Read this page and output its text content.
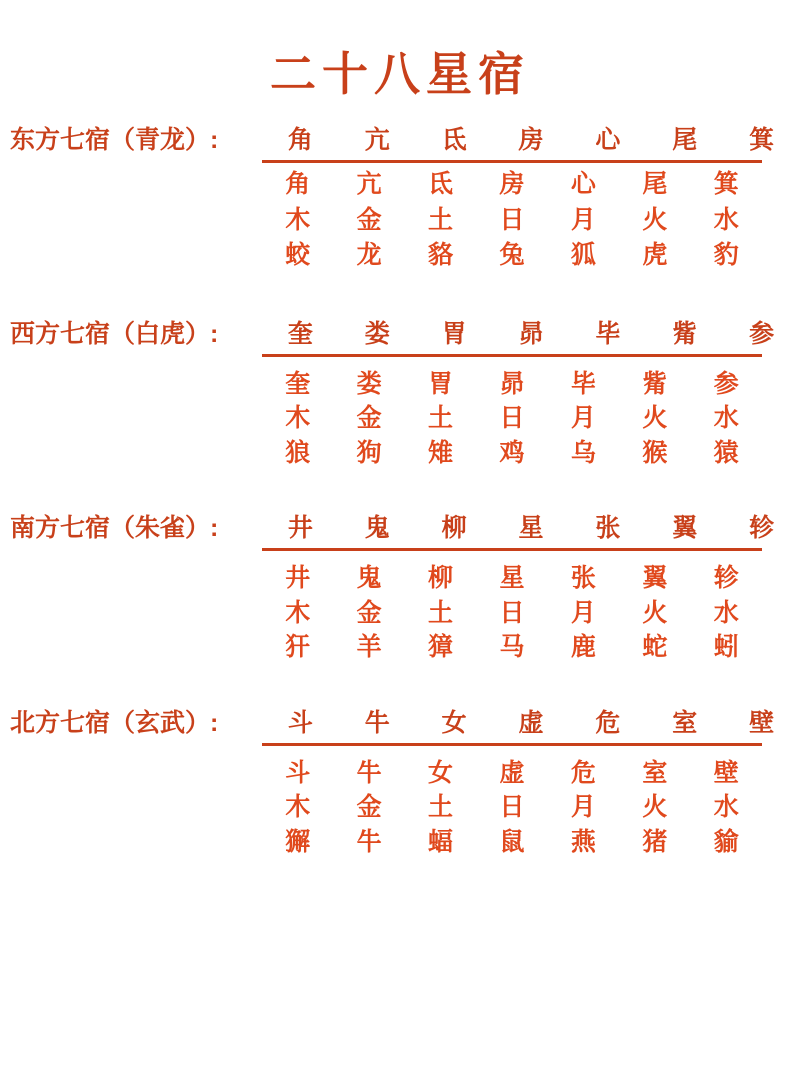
二十八星宿
东方七宿（青龙）:	角	亢	氐	房	心	尾	箕
角	亢	氐	房	心	尾	箕
木	金	土	日	月	火	水
蛟	龙	貉	兔	狐	虎	豹
西方七宿（白虎）:	奎	娄	胃	昴	毕	觜	参
奎	娄	胃	昴	毕	觜	参
木	金	土	日	月	火	水
狼	狗	雉	鸡	乌	猴	猿
南方七宿（朱雀）:	井	鬼	柳	星	张	翼	轸
井	鬼	柳	星	张	翼	轸
木	金	土	日	月	火	水
犴	羊	獐	马	鹿	蛇	蚓
北方七宿（玄武）:	斗	牛	女	虚	危	室	壁
斗	牛	女	虚	危	室	壁
木	金	土	日	月	火	水
獬	牛	蝠	鼠	燕	猪	貐
